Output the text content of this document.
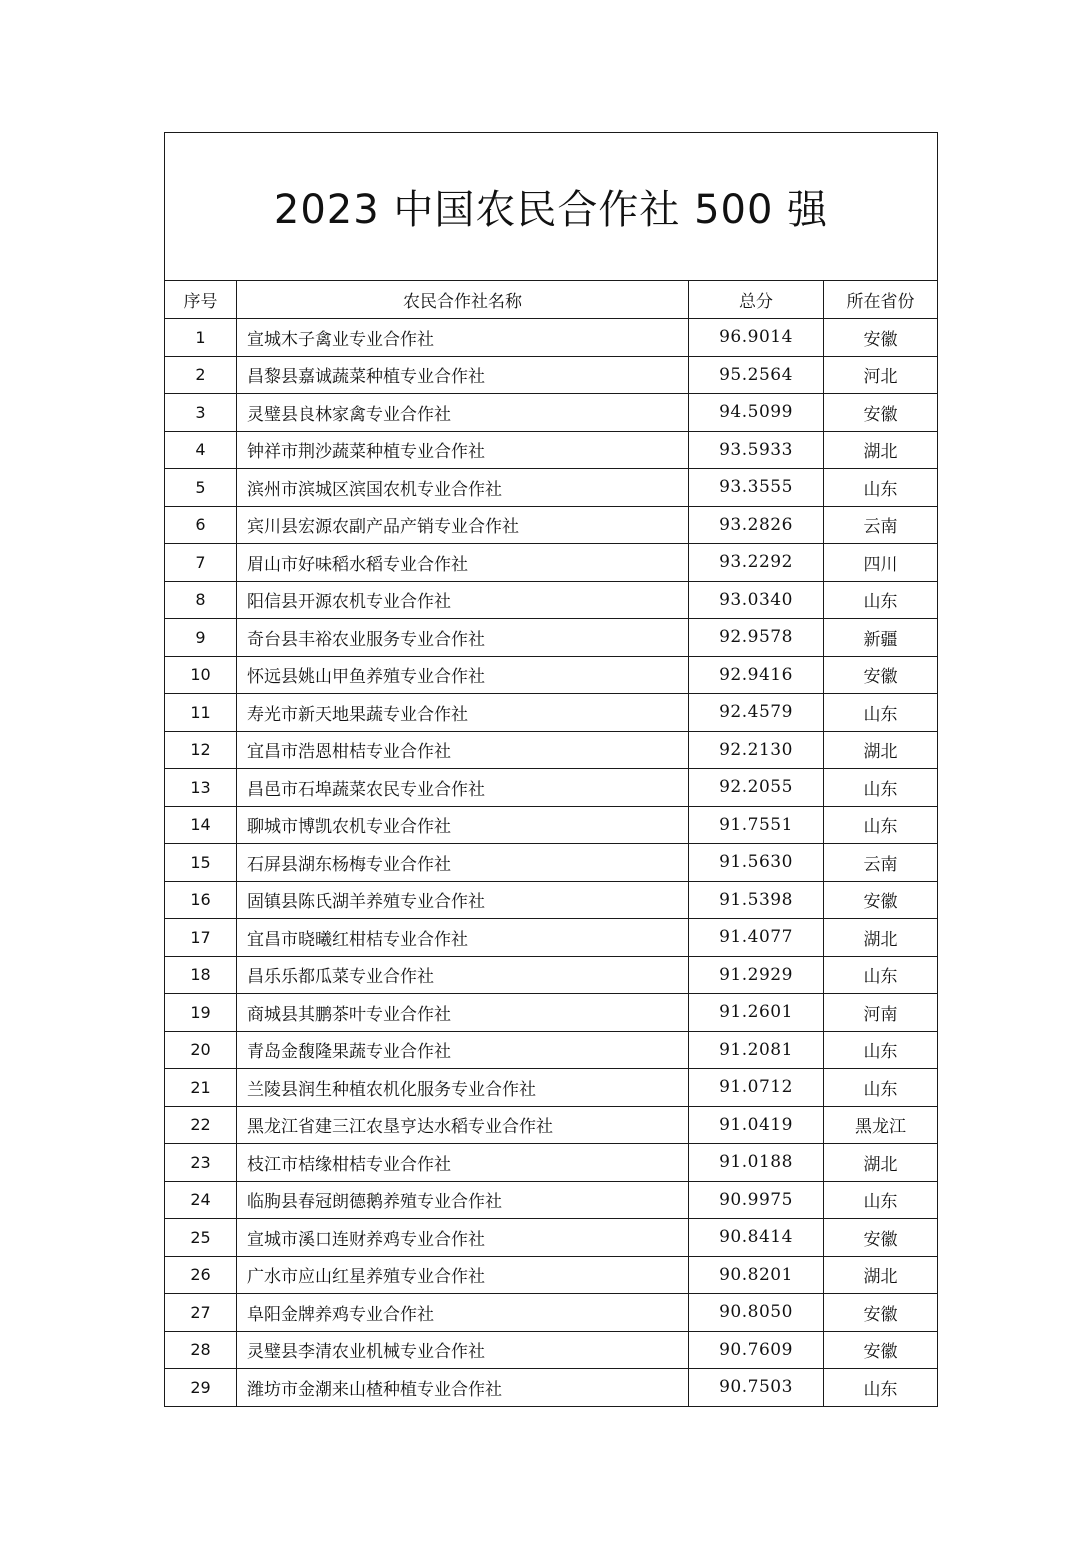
2023 中国农民合作社 500 强			
序号	农民合作社名称	总分	所在省份
1	宣城木子禽业专业合作社	96.9014	安徽
2	昌黎县嘉诚蔬菜种植专业合作社	95.2564	河北
3	灵璧县良林家禽专业合作社	94.5099	安徽
4	钟祥市荆沙蔬菜种植专业合作社	93.5933	湖北
5	滨州市滨城区滨国农机专业合作社	93.3555	山东
6	宾川县宏源农副产品产销专业合作社	93.2826	云南
7	眉山市好味稻水稻专业合作社	93.2292	四川
8	阳信县开源农机专业合作社	93.0340	山东
9	奇台县丰裕农业服务专业合作社	92.9578	新疆
10	怀远县姚山甲鱼养殖专业合作社	92.9416	安徽
11	寿光市新天地果蔬专业合作社	92.4579	山东
12	宜昌市浩恩柑桔专业合作社	92.2130	湖北
13	昌邑市石埠蔬菜农民专业合作社	92.2055	山东
14	聊城市博凯农机专业合作社	91.7551	山东
15	石屏县湖东杨梅专业合作社	91.5630	云南
16	固镇县陈氏湖羊养殖专业合作社	91.5398	安徽
17	宜昌市晓曦红柑桔专业合作社	91.4077	湖北
18	昌乐乐都瓜菜专业合作社	91.2929	山东
19	商城县其鹏茶叶专业合作社	91.2601	河南
20	青岛金馥隆果蔬专业合作社	91.2081	山东
21	兰陵县润生种植农机化服务专业合作社	91.0712	山东
22	黑龙江省建三江农垦亨达水稻专业合作社	91.0419	黑龙江
23	枝江市桔缘柑桔专业合作社	91.0188	湖北
24	临朐县春冠朗德鹅养殖专业合作社	90.9975	山东
25	宣城市溪口连财养鸡专业合作社	90.8414	安徽
26	广水市应山红星养殖专业合作社	90.8201	湖北
27	阜阳金牌养鸡专业合作社	90.8050	安徽
28	灵璧县李清农业机械专业合作社	90.7609	安徽
29	潍坊市金潮来山楂种植专业合作社	90.7503	山东
